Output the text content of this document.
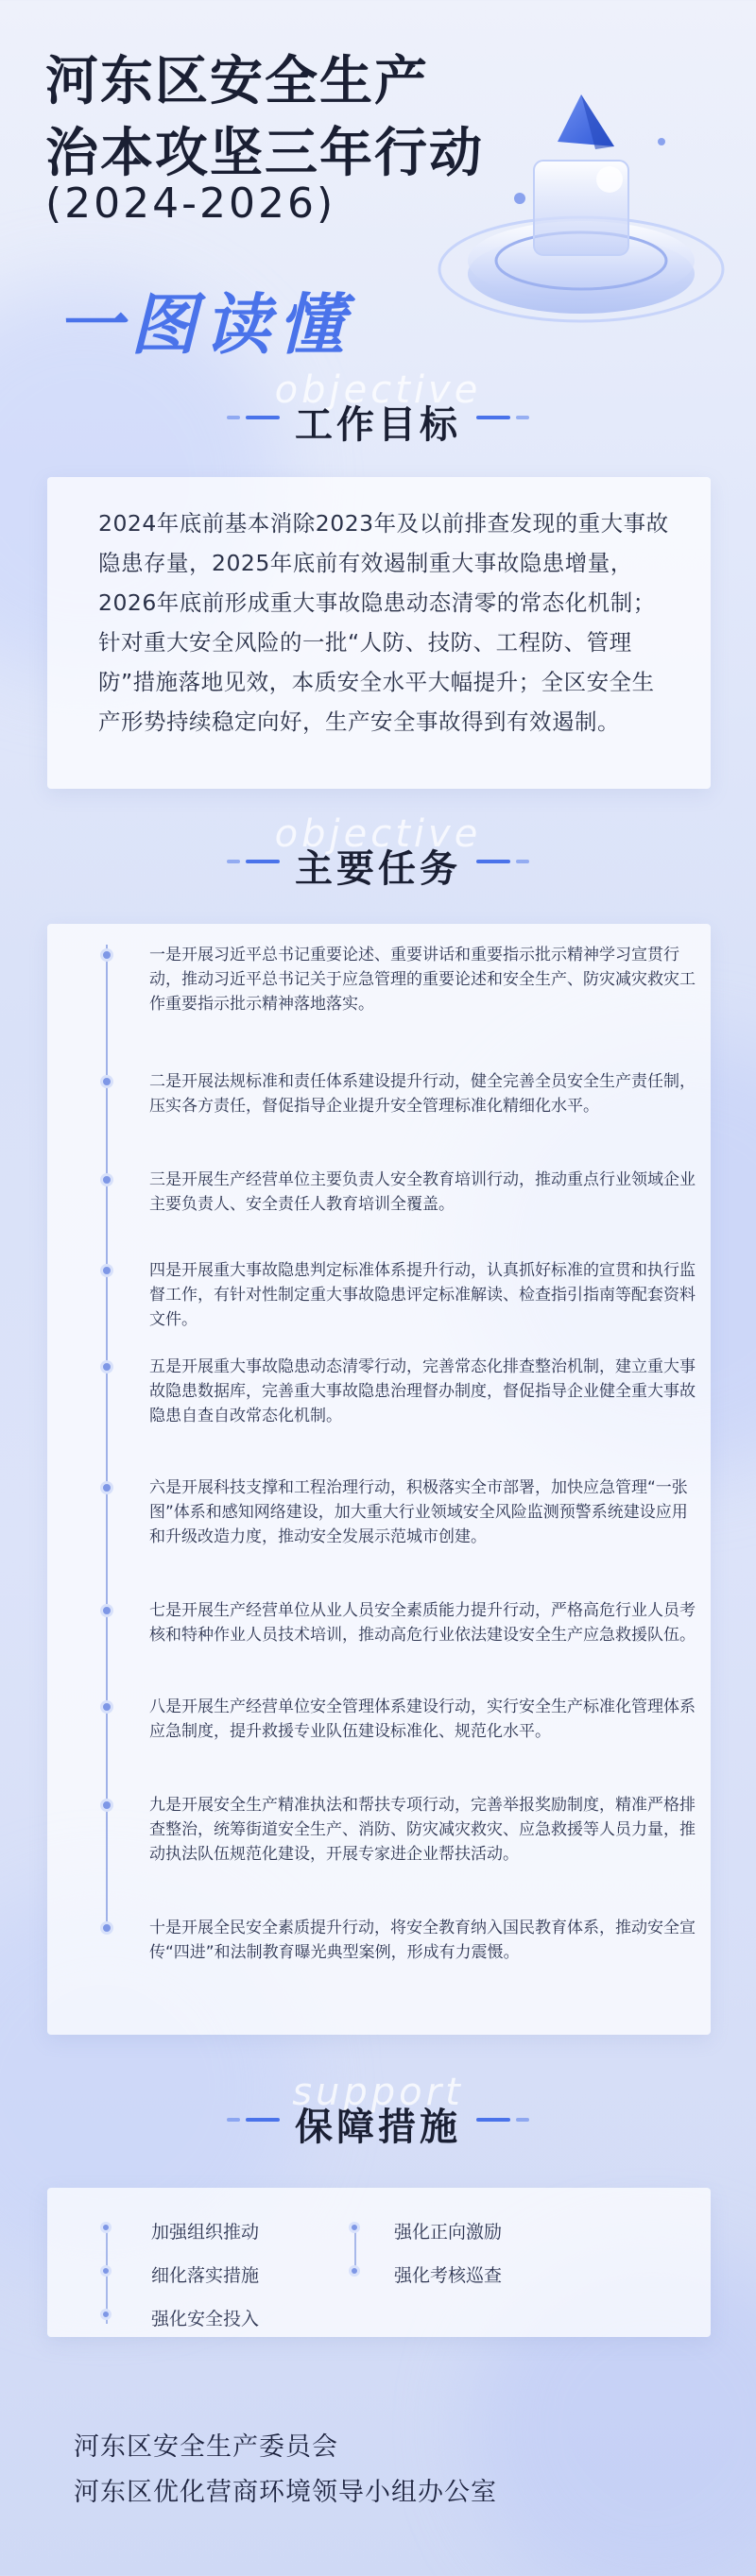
河东区安全生产
治本攻坚三年行动
(2024-2026)
一图读懂
objective
工作目标
2024年底前基本消除2023年及以前排查发现的重大事故隐患存量，2025年底前有效遏制重大事故隐患增量，2026年底前形成重大事故隐患动态清零的常态化机制；针对重大安全风险的一批“人防、技防、工程防、管理防”措施落地见效，本质安全水平大幅提升；全区安全生产形势持续稳定向好，生产安全事故得到有效遏制。
objective
主要任务
一是开展习近平总书记重要论述、重要讲话和重要指示批示精神学习宣贯行动，推动习近平总书记关于应急管理的重要论述和安全生产、防灾减灾救灾工作重要指示批示精神落地落实。
二是开展法规标准和责任体系建设提升行动，健全完善全员安全生产责任制，压实各方责任，督促指导企业提升安全管理标准化精细化水平。
三是开展生产经营单位主要负责人安全教育培训行动，推动重点行业领域企业主要负责人、安全责任人教育培训全覆盖。
四是开展重大事故隐患判定标准体系提升行动，认真抓好标准的宣贯和执行监督工作，有针对性制定重大事故隐患评定标准解读、检查指引指南等配套资料文件。
五是开展重大事故隐患动态清零行动，完善常态化排查整治机制，建立重大事故隐患数据库，完善重大事故隐患治理督办制度，督促指导企业健全重大事故隐患自查自改常态化机制。
六是开展科技支撑和工程治理行动，积极落实全市部署，加快应急管理“一张图”体系和感知网络建设，加大重大行业领域安全风险监测预警系统建设应用和升级改造力度，推动安全发展示范城市创建。
七是开展生产经营单位从业人员安全素质能力提升行动，严格高危行业人员考核和特种作业人员技术培训，推动高危行业依法建设安全生产应急救援队伍。
八是开展生产经营单位安全管理体系建设行动，实行安全生产标准化管理体系应急制度，提升救援专业队伍建设标准化、规范化水平。
九是开展安全生产精准执法和帮扶专项行动，完善举报奖励制度，精准严格排查整治，统筹街道安全生产、消防、防灾减灾救灾、应急救援等人员力量，推动执法队伍规范化建设，开展专家进企业帮扶活动。
十是开展全民安全素质提升行动，将安全教育纳入国民教育体系，推动安全宣传“四进”和法制教育曝光典型案例，形成有力震慑。
support
保障措施
加强组织推动
细化落实措施
强化安全投入
强化正向激励
强化考核巡查
河东区安全生产委员会
河东区优化营商环境领导小组办公室
